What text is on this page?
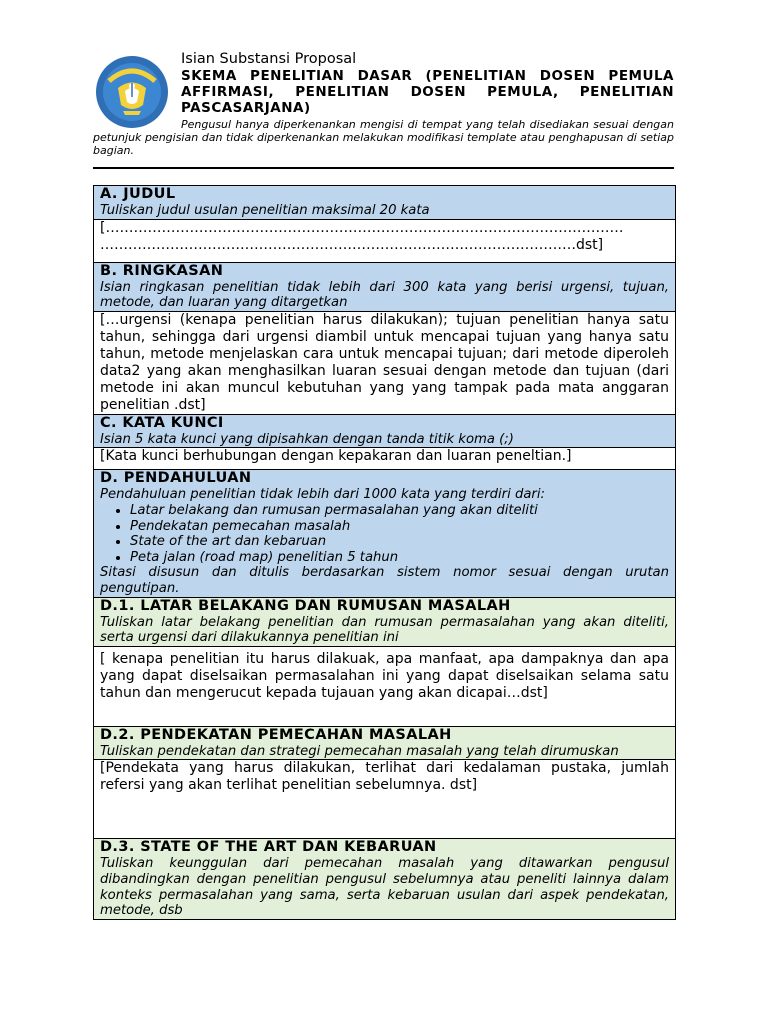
Isian Substansi Proposal
SKEMA PENELITIAN DASAR (PENELITIAN DOSEN PEMULA AFFIRMASI, PENELITIAN DOSEN PEMULA, PENELITIAN PASCASARJANA)
Pengusul hanya diperkenankan mengisi di tempat yang telah disediakan sesuai dengan petunjuk pengisian dan tidak diperkenankan melakukan modifikasi template atau penghapusan di setiap bagian.
A. JUDUL
Tuliskan judul usulan penelitian maksimal 20 kata

[…………………………………………………………………………………………………
…………………………………………………………………………………………dst]

B. RINGKASAN
Isian ringkasan penelitian tidak lebih dari 300 kata yang berisi urgensi, tujuan, metode, dan luaran yang ditargetkan

[…urgensi (kenapa penelitian harus dilakukan); tujuan penelitian hanya satu tahun, sehingga dari urgensi diambil untuk mencapai tujuan yang hanya satu tahun, metode menjelaskan cara untuk mencapai tujuan; dari metode diperoleh data2 yang akan menghasilkan luaran sesuai dengan metode dan tujuan (dari metode ini akan muncul kebutuhan yang yang tampak pada mata anggaran penelitian .dst]

C. KATA KUNCI
Isian 5 kata kunci yang dipisahkan dengan tanda titik koma (;)

[Kata kunci berhubungan dengan kepakaran dan luaran peneltian.]

D. PENDAHULUAN
Pendahuluan penelitian tidak lebih dari 1000 kata yang terdiri dari:
• Latar belakang dan rumusan permasalahan yang akan diteliti
• Pendekatan pemecahan masalah
• State of the art dan kebaruan
• Peta jalan (road map) penelitian 5 tahun
Sitasi disusun dan ditulis berdasarkan sistem nomor sesuai dengan urutan pengutipan.

D.1. LATAR BELAKANG DAN RUMUSAN MASALAH
Tuliskan latar belakang penelitian dan rumusan permasalahan yang akan diteliti, serta urgensi dari dilakukannya penelitian ini

[ kenapa penelitian itu harus dilakuak, apa manfaat, apa dampaknya dan apa yang dapat diselsaikan permasalahan ini yang dapat diselsaikan selama satu tahun dan mengerucut kepada tujauan yang akan dicapai…dst]

D.2. PENDEKATAN PEMECAHAN MASALAH
Tuliskan pendekatan dan strategi pemecahan masalah yang telah dirumuskan

[Pendekata yang harus dilakukan, terlihat dari kedalaman pustaka, jumlah refersi yang akan terlihat penelitian sebelumnya. dst]

D.3. STATE OF THE ART DAN KEBARUAN
Tuliskan keunggulan dari pemecahan masalah yang ditawarkan pengusul dibandingkan dengan penelitian pengusul sebelumnya atau peneliti lainnya dalam konteks permasalahan yang sama, serta kebaruan usulan dari aspek pendekatan, metode, dsb
